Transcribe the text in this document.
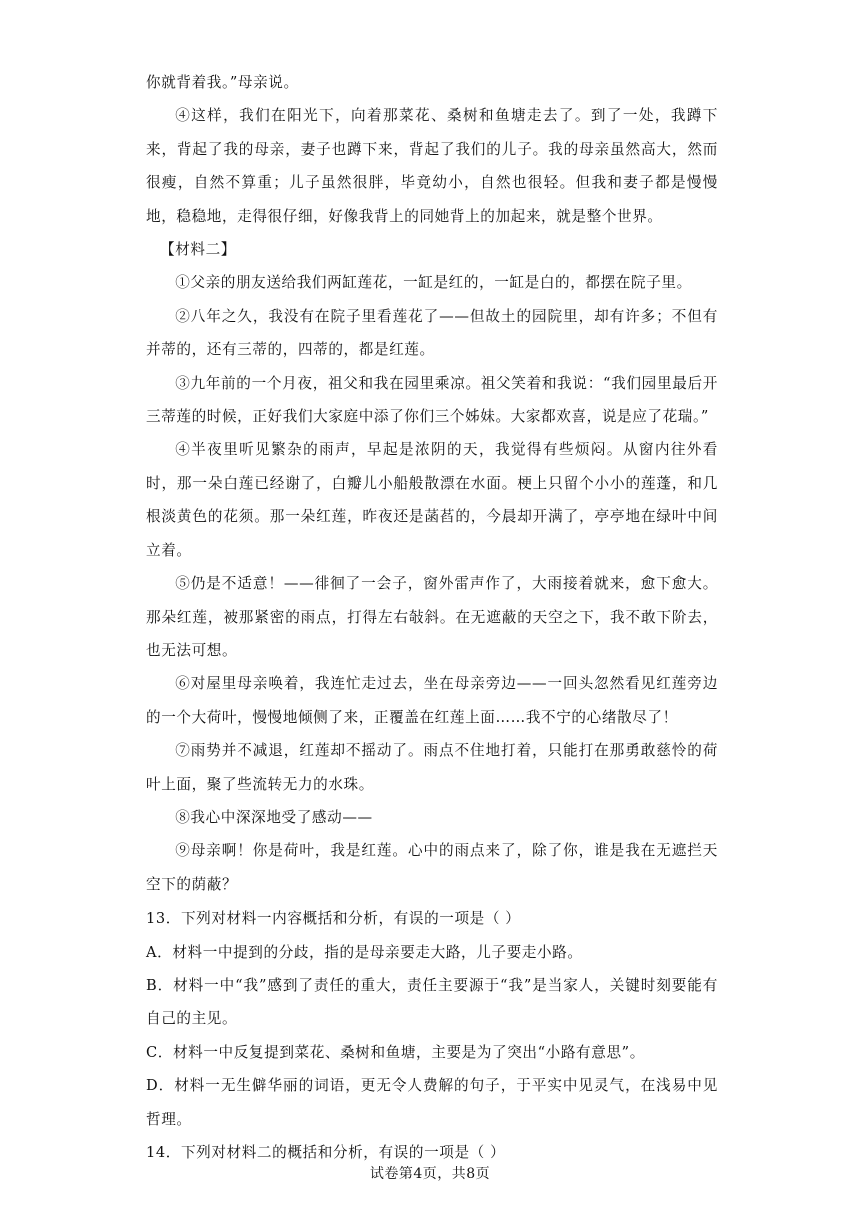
你就背着我。”母亲说。

④这样，我们在阳光下，向着那菜花、桑树和鱼塘走去了。到了一处，我蹲下来，背起了我的母亲，妻子也蹲下来，背起了我们的儿子。我的母亲虽然高大，然而很瘦，自然不算重；儿子虽然很胖，毕竟幼小，自然也很轻。但我和妻子都是慢慢地，稳稳地，走得很仔细，好像我背上的同她背上的加起来，就是整个世界。

【材料二】

①父亲的朋友送给我们两缸莲花，一缸是红的，一缸是白的，都摆在院子里。

②八年之久，我没有在院子里看莲花了——但故土的园院里，却有许多；不但有并蒂的，还有三蒂的，四蒂的，都是红莲。

③九年前的一个月夜，祖父和我在园里乘凉。祖父笑着和我说：“我们园里最后开三蒂莲的时候，正好我们大家庭中添了你们三个姊妹。大家都欢喜，说是应了花瑞。”

④半夜里听见繁杂的雨声，早起是浓阴的天，我觉得有些烦闷。从窗内往外看时，那一朵白莲已经谢了，白瓣儿小船般散漂在水面。梗上只留个小小的莲蓬，和几根淡黄色的花须。那一朵红莲，昨夜还是菡萏的，今晨却开满了，亭亭地在绿叶中间立着。

⑤仍是不适意！——徘徊了一会子，窗外雷声作了，大雨接着就来，愈下愈大。那朵红莲，被那紧密的雨点，打得左右敧斜。在无遮蔽的天空之下，我不敢下阶去，也无法可想。

⑥对屋里母亲唤着，我连忙走过去，坐在母亲旁边——一回头忽然看见红莲旁边的一个大荷叶，慢慢地倾侧了来，正覆盖在红莲上面……我不宁的心绪散尽了！

⑦雨势并不减退，红莲却不摇动了。雨点不住地打着，只能打在那勇敢慈怜的荷叶上面，聚了些流转无力的水珠。

⑧我心中深深地受了感动——

⑨母亲啊！你是荷叶，我是红莲。心中的雨点来了，除了你，谁是我在无遮拦天空下的荫蔽？

13．下列对材料一内容概括和分析，有误的一项是（ ）

A．材料一中提到的分歧，指的是母亲要走大路，儿子要走小路。

B．材料一中“我”感到了责任的重大，责任主要源于“我”是当家人，关键时刻要能有自己的主见。

C．材料一中反复提到菜花、桑树和鱼塘，主要是为了突出“小路有意思”。

D．材料一无生僻华丽的词语，更无令人费解的句子，于平实中见灵气，在浅易中见哲理。

14．下列对材料二的概括和分析，有误的一项是（ ）

试卷第4页，共8页
